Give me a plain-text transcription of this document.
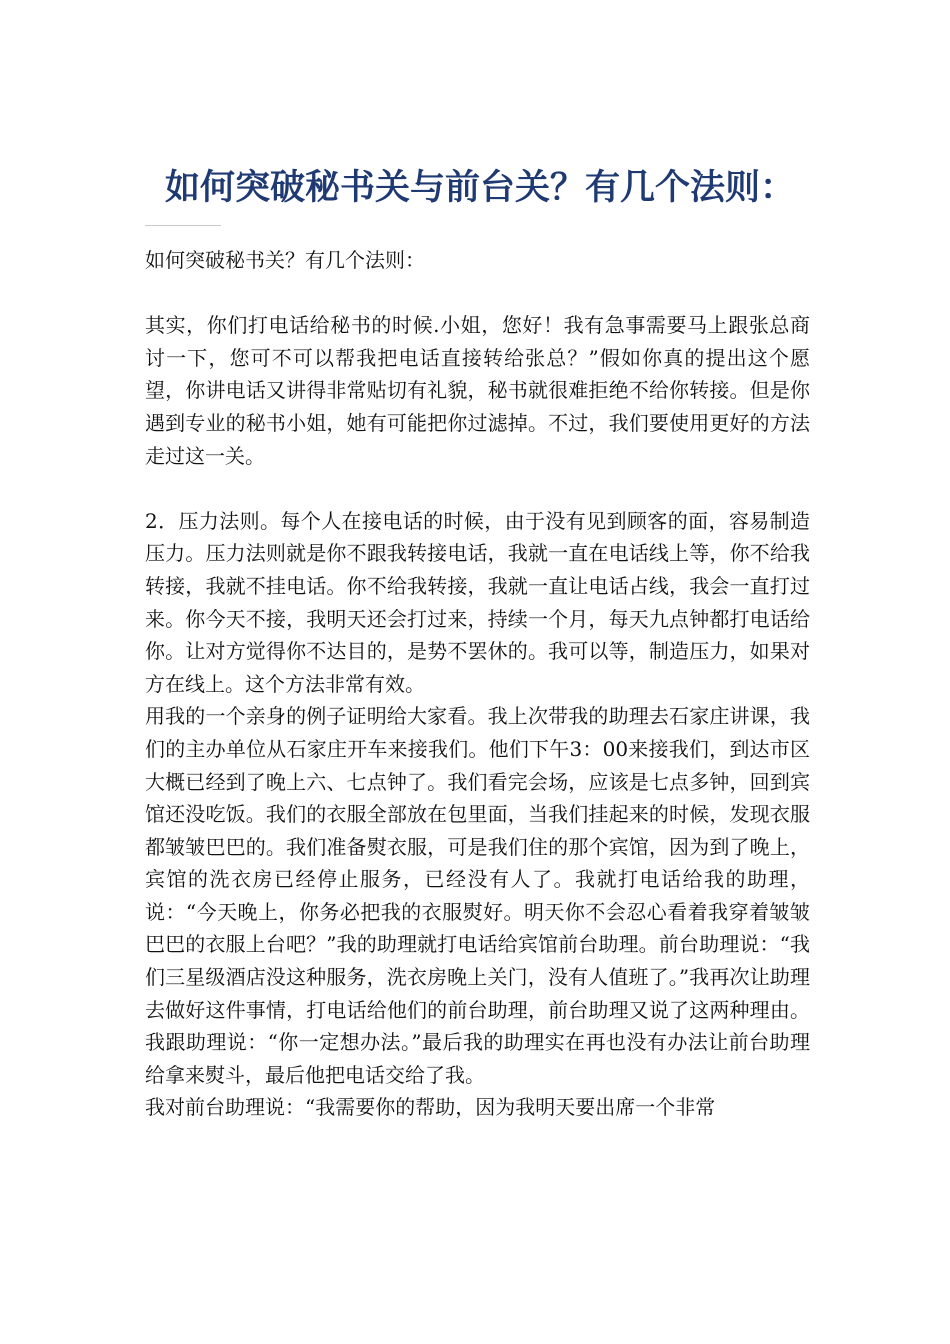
如何突破秘书关与前台关？有几个法则：

如何突破秘书关？有几个法则：

其实，你们打电话给秘书的时候.小姐，您好！我有急事需要马上跟张总商讨一下，您可不可以帮我把电话直接转给张总？”假如你真的提出这个愿望，你讲电话又讲得非常贴切有礼貌，秘书就很难拒绝不给你转接。但是你遇到专业的秘书小姐，她有可能把你过滤掉。不过，我们要使用更好的方法走过这一关。

2．压力法则。每个人在接电话的时候，由于没有见到顾客的面，容易制造压力。压力法则就是你不跟我转接电话，我就一直在电话线上等，你不给我转接，我就不挂电话。你不给我转接，我就一直让电话占线，我会一直打过来。你今天不接，我明天还会打过来，持续一个月，每天九点钟都打电话给你。让对方觉得你不达目的，是势不罢休的。我可以等，制造压力，如果对方在线上。这个方法非常有效。

用我的一个亲身的例子证明给大家看。我上次带我的助理去石家庄讲课，我们的主办单位从石家庄开车来接我们。他们下午3：00来接我们，到达市区大概已经到了晚上六、七点钟了。我们看完会场，应该是七点多钟，回到宾馆还没吃饭。我们的衣服全部放在包里面，当我们挂起来的时候，发现衣服都皱皱巴巴的。我们准备熨衣服，可是我们住的那个宾馆，因为到了晚上，宾馆的洗衣房已经停止服务，已经没有人了。我就打电话给我的助理，说：“今天晚上，你务必把我的衣服熨好。明天你不会忍心看着我穿着皱皱巴巴的衣服上台吧？”我的助理就打电话给宾馆前台助理。前台助理说：“我们三星级酒店没这种服务，洗衣房晚上关门，没有人值班了。”我再次让助理去做好这件事情，打电话给他们的前台助理，前台助理又说了这两种理由。我跟助理说：“你一定想办法。”最后我的助理实在再也没有办法让前台助理给拿来熨斗，最后他把电话交给了我。

我对前台助理说：“我需要你的帮助，因为我明天要出席一个非常
